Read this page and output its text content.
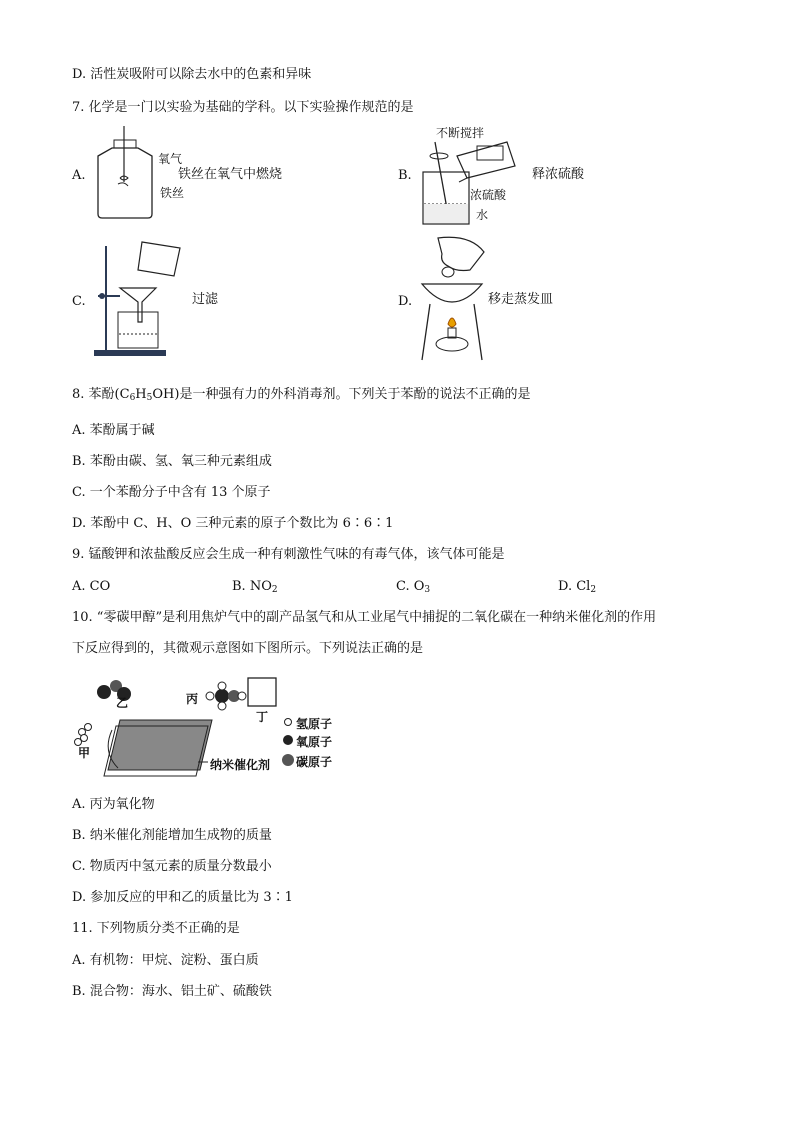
D. 活性炭吸附可以除去水中的色素和异味
7. 化学是一门以实验为基础的学科。以下实验操作规范的是
A.
氧气
铁丝
铁丝在氧气中燃烧	B.
不断搅拌
浓硫酸
水
释浓硫酸
C.	过滤	D.	移走蒸发皿
8. 苯酚$(C_6H_5OH)$是一种强有力的外科消毒剂。下列关于苯酚的说法不正确的是
A. 苯酚属于碱
B. 苯酚由碳、氢、氧三种元素组成
C. 一个苯酚分子中含有 13 个原子
D. 苯酚中 C、H、O 三种元素的原子个数比为 6∶6∶1
9. 锰酸钾和浓盐酸反应会生成一种有刺激性气味的有毒气体，该气体可能是
A. CO	B. $NO_2$	C. $O_3$	D. $Cl_2$
10. “零碳甲醇”是利用焦炉气中的副产品氢气和从工业尾气中捕捉的二氧化碳在一种纳米催化剂的作用
下反应得到的，其微观示意图如下图所示。下列说法正确的是
乙	丙
丁
甲
纳米催化剂
氢原子
氧原子
碳原子
A. 丙为氧化物
B. 纳米催化剂能增加生成物的质量
C. 物质丙中氢元素的质量分数最小
D. 参加反应的甲和乙的质量比为 3∶1
11. 下列物质分类不正确的是
A. 有机物：甲烷、淀粉、蛋白质
B. 混合物：海水、铝土矿、硫酸铁
